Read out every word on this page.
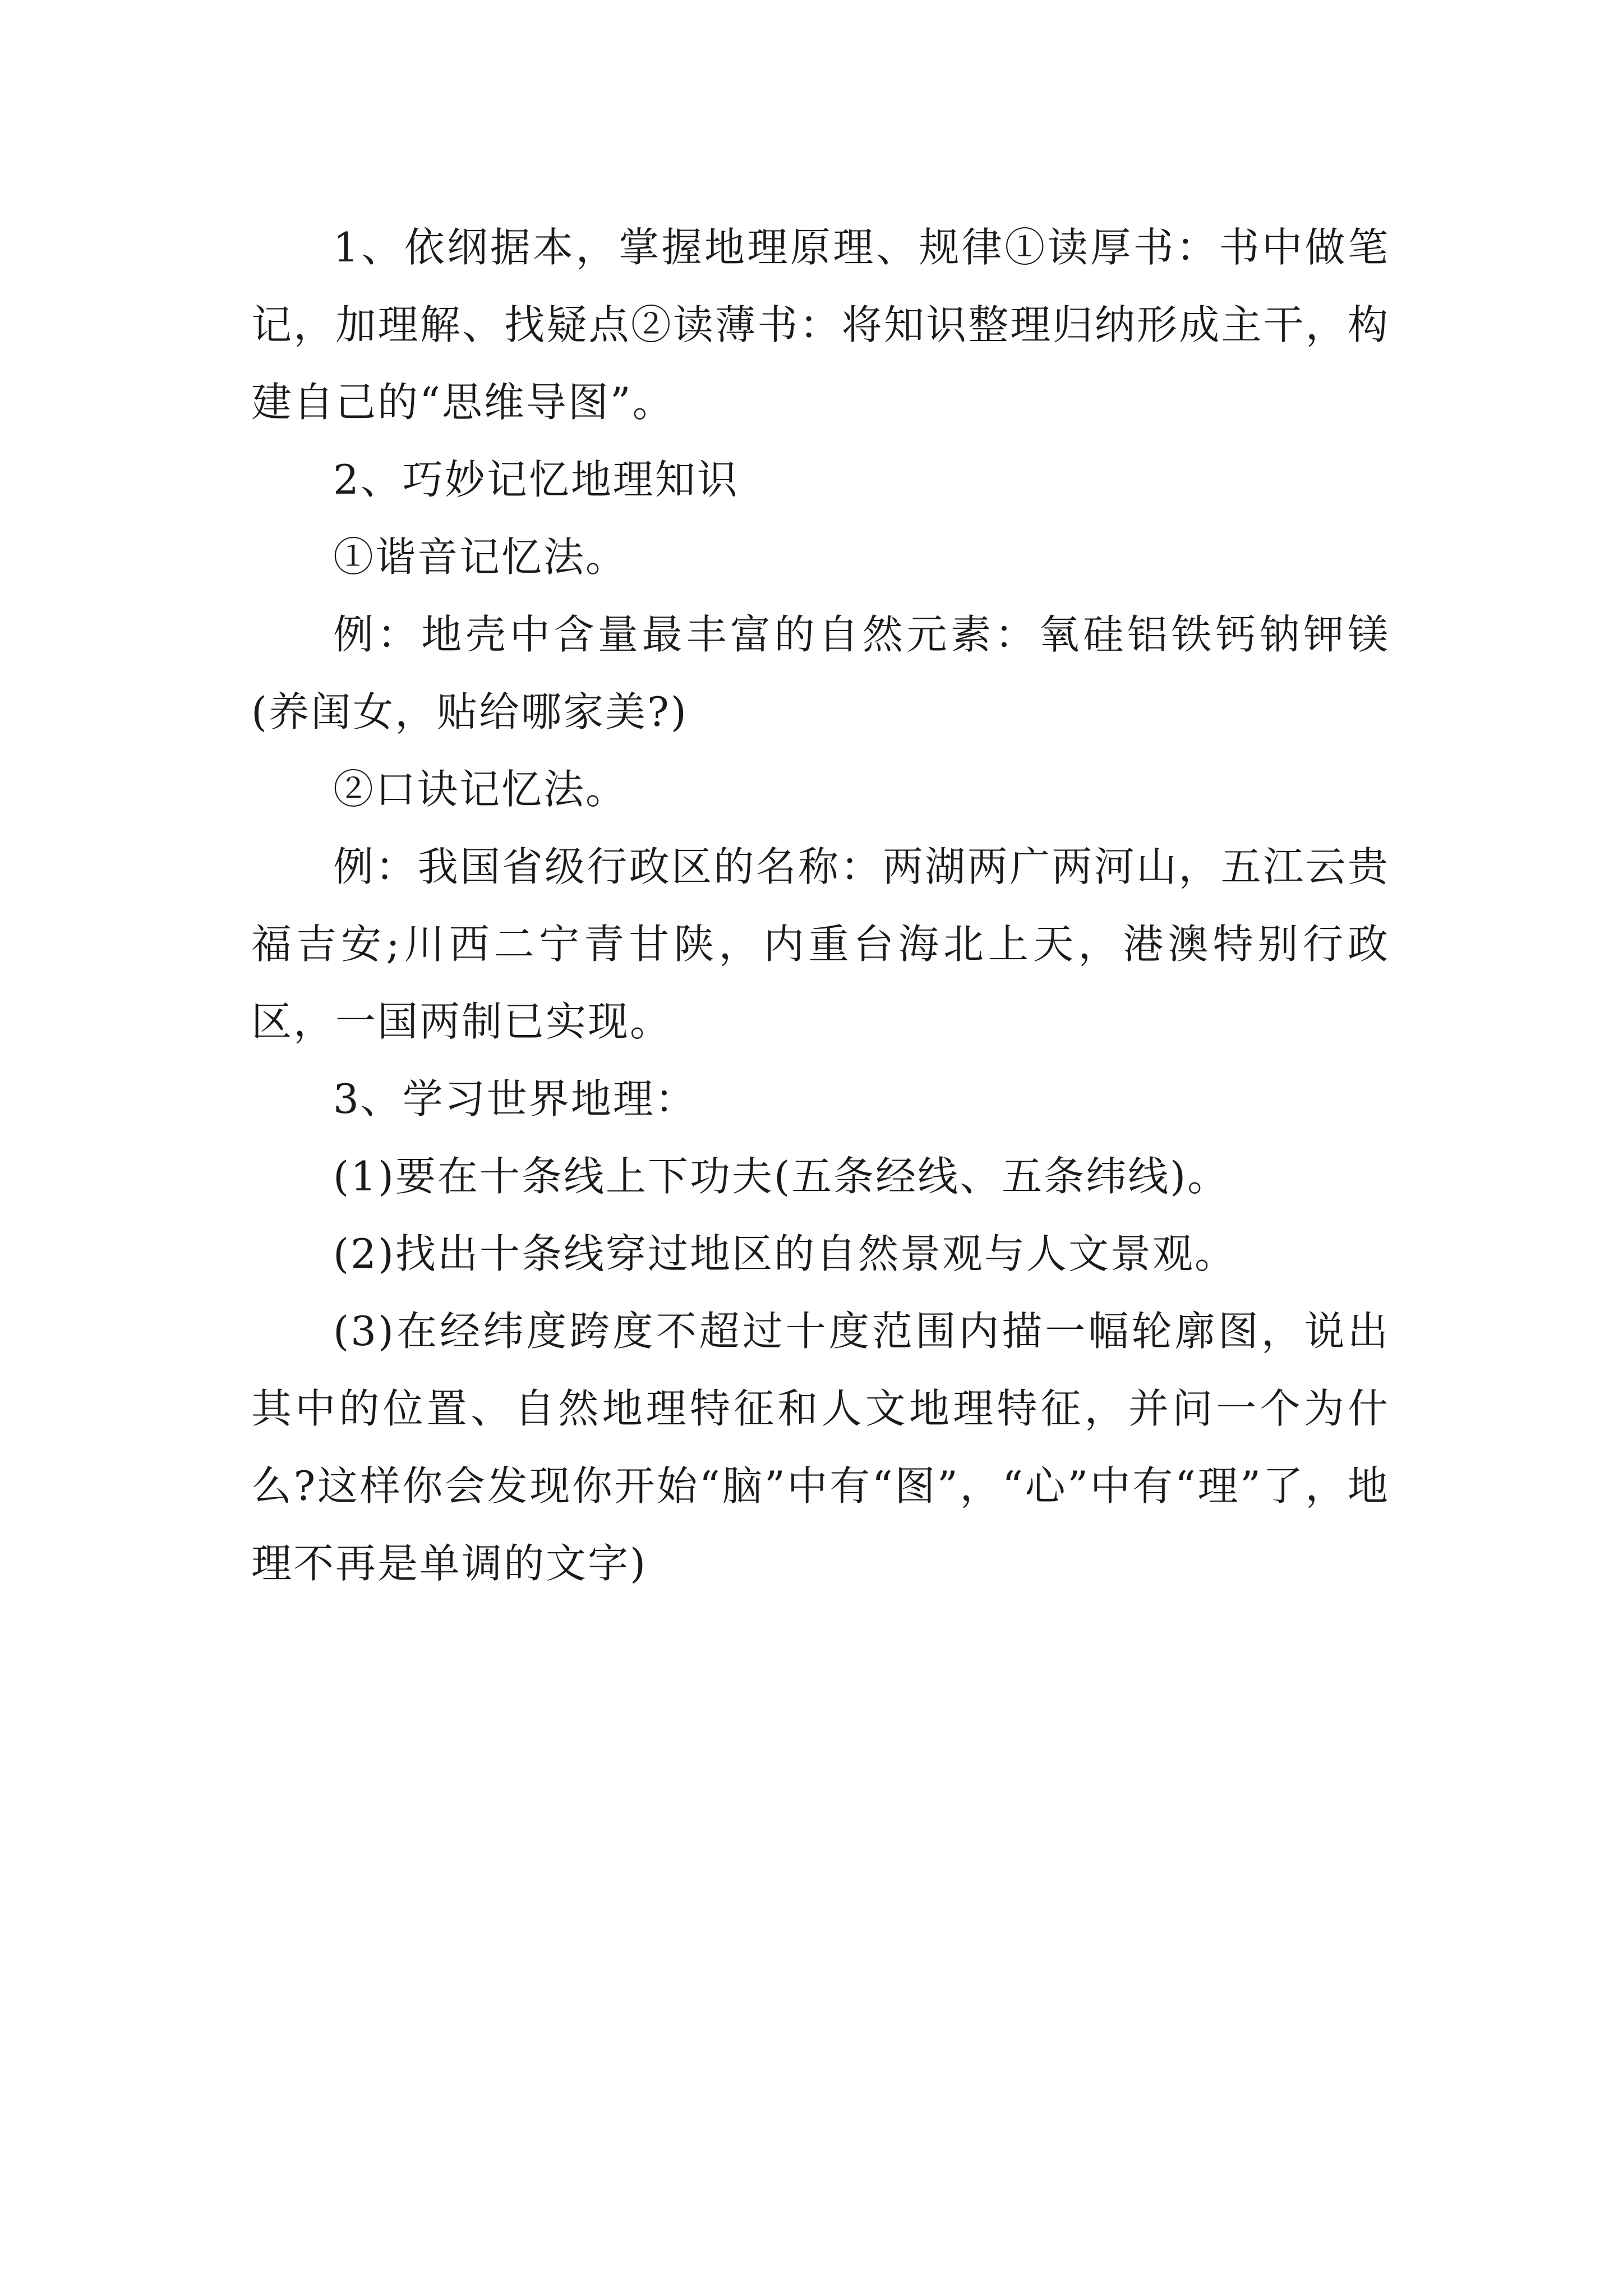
1、依纲据本，掌握地理原理、规律①读厚书：书中做笔记，加理解、找疑点②读薄书：将知识整理归纳形成主干，构建自己的“思维导图”。

2、巧妙记忆地理知识

①谐音记忆法。

例：地壳中含量最丰富的自然元素：氧硅铝铁钙钠钾镁(养闺女，贴给哪家美?)

②口诀记忆法。

例：我国省级行政区的名称：两湖两广两河山，五江云贵福吉安;川西二宁青甘陕，内重台海北上天，港澳特别行政区，一国两制已实现。

3、学习世界地理：

(1)要在十条线上下功夫(五条经线、五条纬线)。

(2)找出十条线穿过地区的自然景观与人文景观。

(3)在经纬度跨度不超过十度范围内描一幅轮廓图，说出其中的位置、自然地理特征和人文地理特征，并问一个为什么?这样你会发现你开始“脑”中有“图”，“心”中有“理”了，地理不再是单调的文字)
